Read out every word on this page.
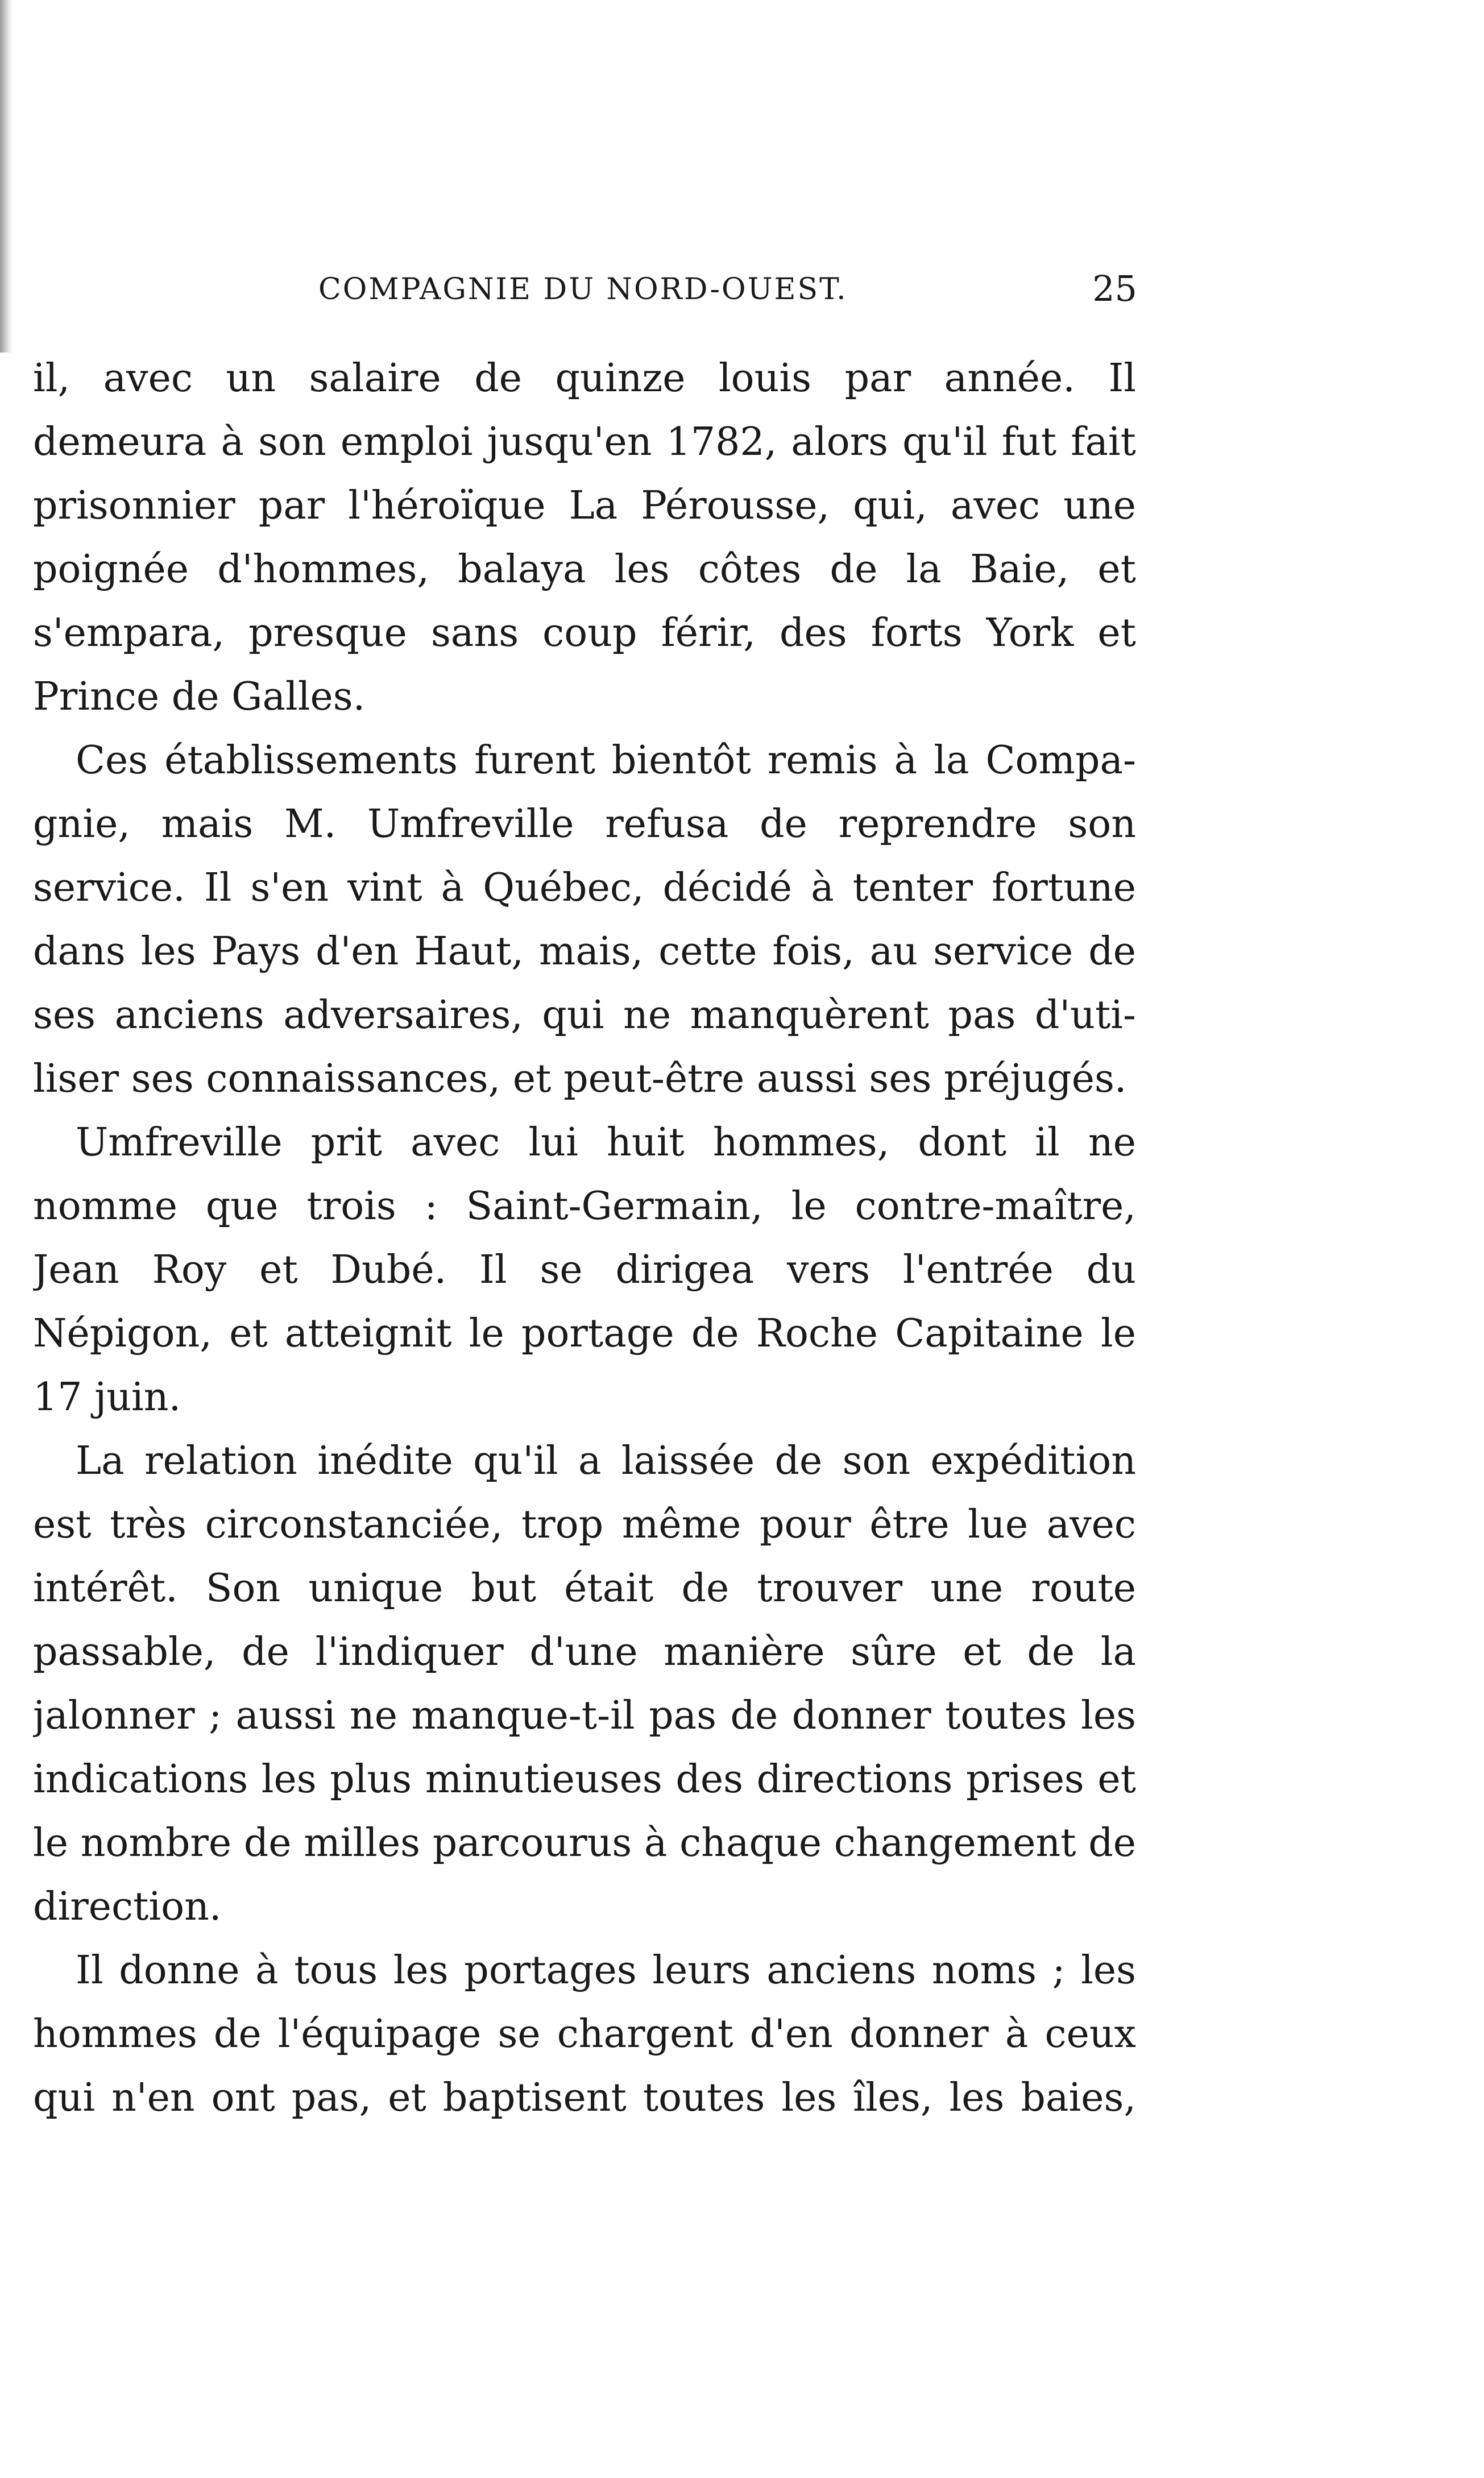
COMPAGNIE DU NORD-OUEST.	25
il, avec un salaire de quinze louis par année. Il
demeura à son emploi jusqu'en 1782, alors qu'il fut fait
prisonnier par l'héroïque La Pérousse, qui, avec une
poignée d'hommes, balaya les côtes de la Baie, et
s'empara, presque sans coup férir, des forts York et
Prince de Galles.
Ces établissements furent bientôt remis à la Compa-
gnie, mais M. Umfreville refusa de reprendre son
service. Il s'en vint à Québec, décidé à tenter fortune
dans les Pays d'en Haut, mais, cette fois, au service de
ses anciens adversaires, qui ne manquèrent pas d'uti-
liser ses connaissances, et peut-être aussi ses préjugés.
Umfreville prit avec lui huit hommes, dont il ne
nomme que trois : Saint-Germain, le contre-maître,
Jean Roy et Dubé. Il se dirigea vers l'entrée du
Népigon, et atteignit le portage de Roche Capitaine le
17 juin.
La relation inédite qu'il a laissée de son expédition
est très circonstanciée, trop même pour être lue avec
intérêt. Son unique but était de trouver une route
passable, de l'indiquer d'une manière sûre et de la
jalonner ; aussi ne manque-t-il pas de donner toutes les
indications les plus minutieuses des directions prises et
le nombre de milles parcourus à chaque changement de
direction.
Il donne à tous les portages leurs anciens noms ; les
hommes de l'équipage se chargent d'en donner à ceux
qui n'en ont pas, et baptisent toutes les îles, les baies,
